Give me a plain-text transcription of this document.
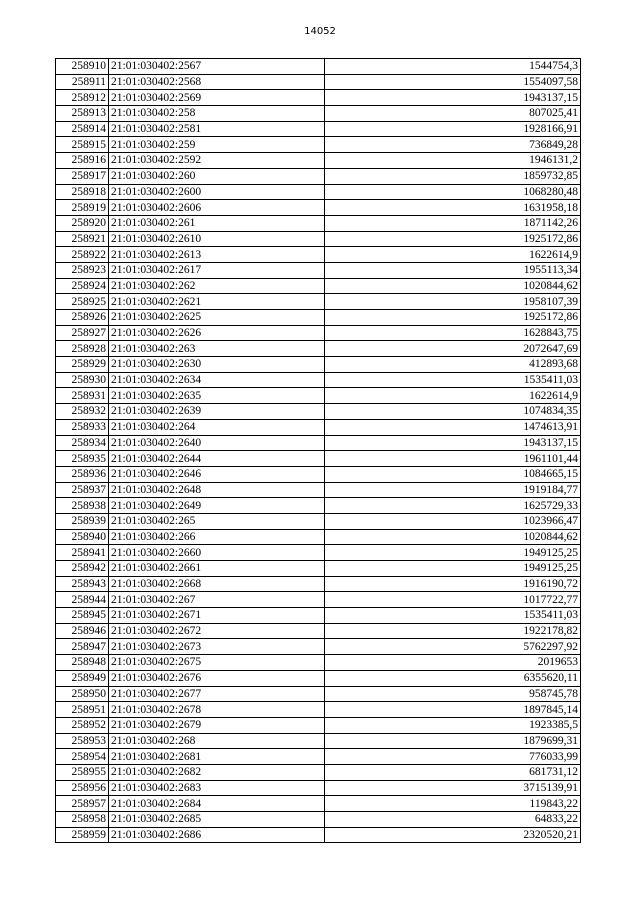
14052
258910	21:01:030402:2567	1544754,3
258911	21:01:030402:2568	1554097,58
258912	21:01:030402:2569	1943137,15
258913	21:01:030402:258	807025,41
258914	21:01:030402:2581	1928166,91
258915	21:01:030402:259	736849,28
258916	21:01:030402:2592	1946131,2
258917	21:01:030402:260	1859732,85
258918	21:01:030402:2600	1068280,48
258919	21:01:030402:2606	1631958,18
258920	21:01:030402:261	1871142,26
258921	21:01:030402:2610	1925172,86
258922	21:01:030402:2613	1622614,9
258923	21:01:030402:2617	1955113,34
258924	21:01:030402:262	1020844,62
258925	21:01:030402:2621	1958107,39
258926	21:01:030402:2625	1925172,86
258927	21:01:030402:2626	1628843,75
258928	21:01:030402:263	2072647,69
258929	21:01:030402:2630	412893,68
258930	21:01:030402:2634	1535411,03
258931	21:01:030402:2635	1622614,9
258932	21:01:030402:2639	1074834,35
258933	21:01:030402:264	1474613,91
258934	21:01:030402:2640	1943137,15
258935	21:01:030402:2644	1961101,44
258936	21:01:030402:2646	1084665,15
258937	21:01:030402:2648	1919184,77
258938	21:01:030402:2649	1625729,33
258939	21:01:030402:265	1023966,47
258940	21:01:030402:266	1020844,62
258941	21:01:030402:2660	1949125,25
258942	21:01:030402:2661	1949125,25
258943	21:01:030402:2668	1916190,72
258944	21:01:030402:267	1017722,77
258945	21:01:030402:2671	1535411,03
258946	21:01:030402:2672	1922178,82
258947	21:01:030402:2673	5762297,92
258948	21:01:030402:2675	2019653
258949	21:01:030402:2676	6355620,11
258950	21:01:030402:2677	958745,78
258951	21:01:030402:2678	1897845,14
258952	21:01:030402:2679	1923385,5
258953	21:01:030402:268	1879699,31
258954	21:01:030402:2681	776033,99
258955	21:01:030402:2682	681731,12
258956	21:01:030402:2683	3715139,91
258957	21:01:030402:2684	119843,22
258958	21:01:030402:2685	64833,22
258959	21:01:030402:2686	2320520,21
